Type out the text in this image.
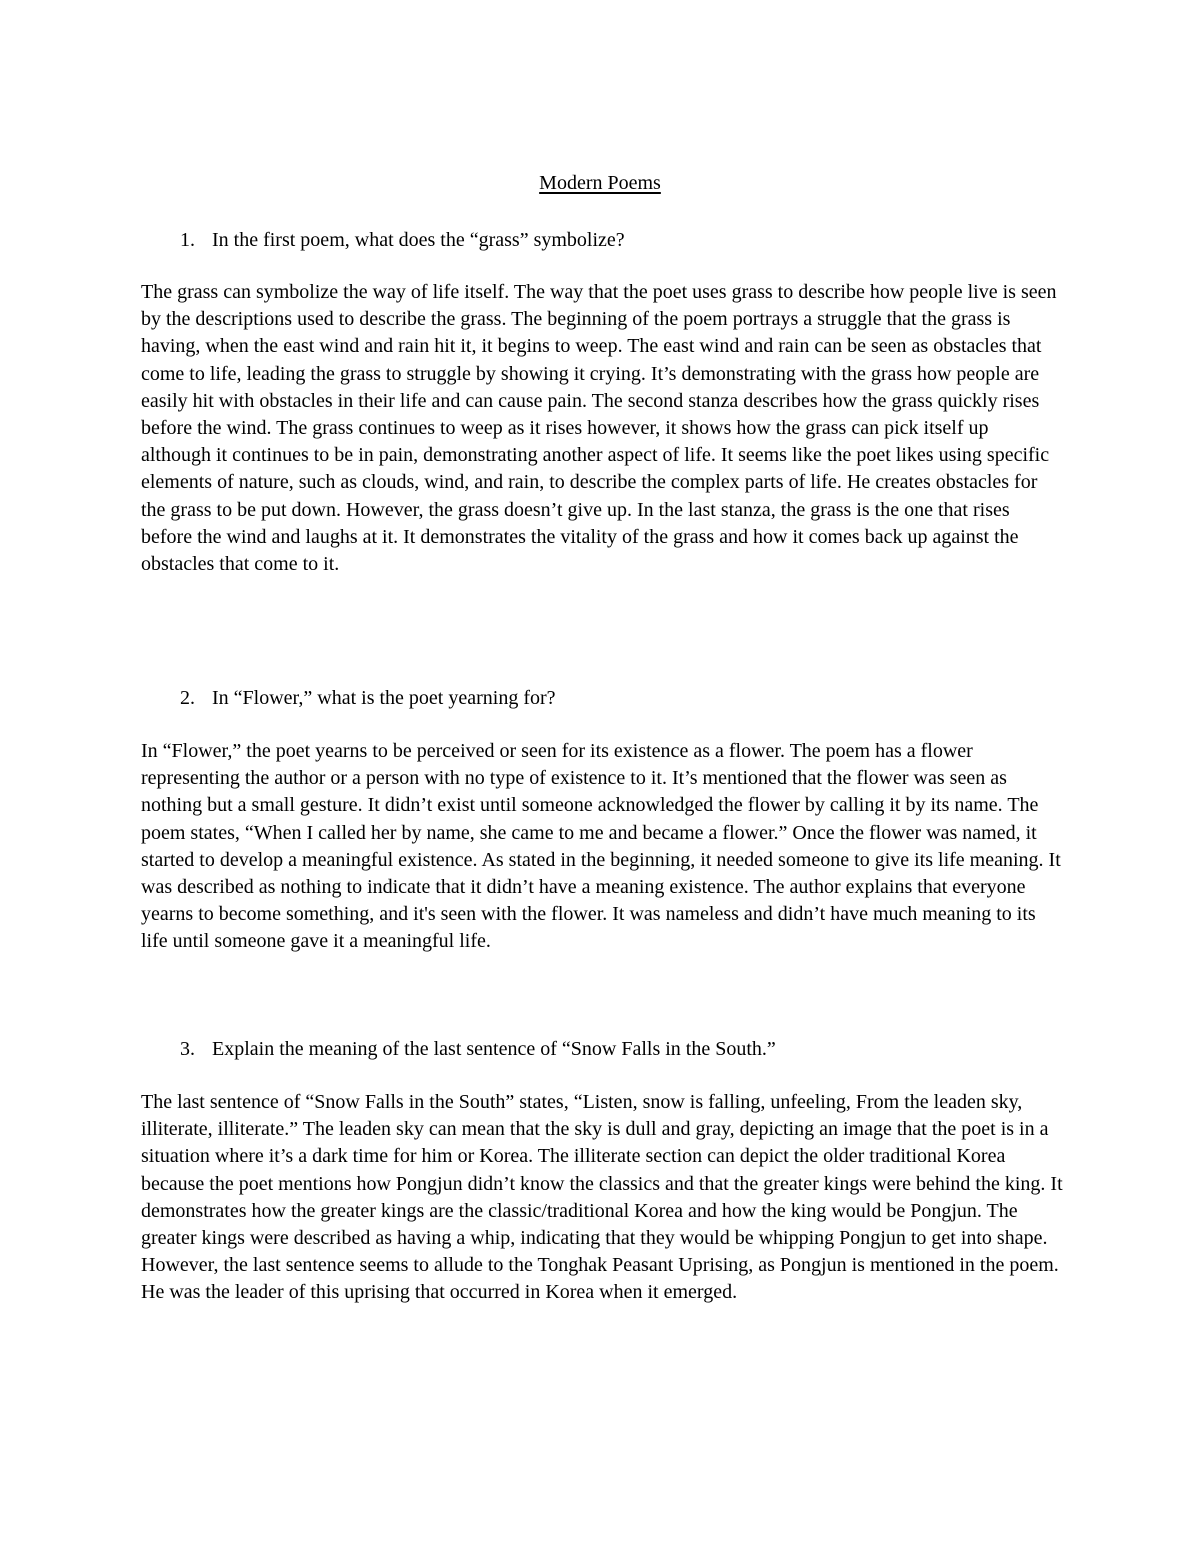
Modern Poems
1. In the first poem, what does the “grass” symbolize?

The grass can symbolize the way of life itself. The way that the poet uses grass to describe how people live is seen by the descriptions used to describe the grass. The beginning of the poem portrays a struggle that the grass is having, when the east wind and rain hit it, it begins to weep. The east wind and rain can be seen as obstacles that come to life, leading the grass to struggle by showing it crying. It’s demonstrating with the grass how people are easily hit with obstacles in their life and can cause pain. The second stanza describes how the grass quickly rises before the wind. The grass continues to weep as it rises however, it shows how the grass can pick itself up although it continues to be in pain, demonstrating another aspect of life. It seems like the poet likes using specific elements of nature, such as clouds, wind, and rain, to describe the complex parts of life. He creates obstacles for the grass to be put down. However, the grass doesn’t give up. In the last stanza, the grass is the one that rises before the wind and laughs at it. It demonstrates the vitality of the grass and how it comes back up against the obstacles that come to it.

2. In “Flower,” what is the poet yearning for?

In “Flower,” the poet yearns to be perceived or seen for its existence as a flower. The poem has a flower representing the author or a person with no type of existence to it. It’s mentioned that the flower was seen as nothing but a small gesture. It didn’t exist until someone acknowledged the flower by calling it by its name. The poem states, “When I called her by name, she came to me and became a flower.” Once the flower was named, it started to develop a meaningful existence. As stated in the beginning, it needed someone to give its life meaning. It was described as nothing to indicate that it didn’t have a meaning existence. The author explains that everyone yearns to become something, and it's seen with the flower. It was nameless and didn’t have much meaning to its life until someone gave it a meaningful life.

3. Explain the meaning of the last sentence of “Snow Falls in the South.”

The last sentence of “Snow Falls in the South” states, “Listen, snow is falling, unfeeling, From the leaden sky, illiterate, illiterate.” The leaden sky can mean that the sky is dull and gray, depicting an image that the poet is in a situation where it’s a dark time for him or Korea. The illiterate section can depict the older traditional Korea because the poet mentions how Pongjun didn’t know the classics and that the greater kings were behind the king. It demonstrates how the greater kings are the classic/traditional Korea and how the king would be Pongjun. The greater kings were described as having a whip, indicating that they would be whipping Pongjun to get into shape. However, the last sentence seems to allude to the Tonghak Peasant Uprising, as Pongjun is mentioned in the poem. He was the leader of this uprising that occurred in Korea when it emerged.
